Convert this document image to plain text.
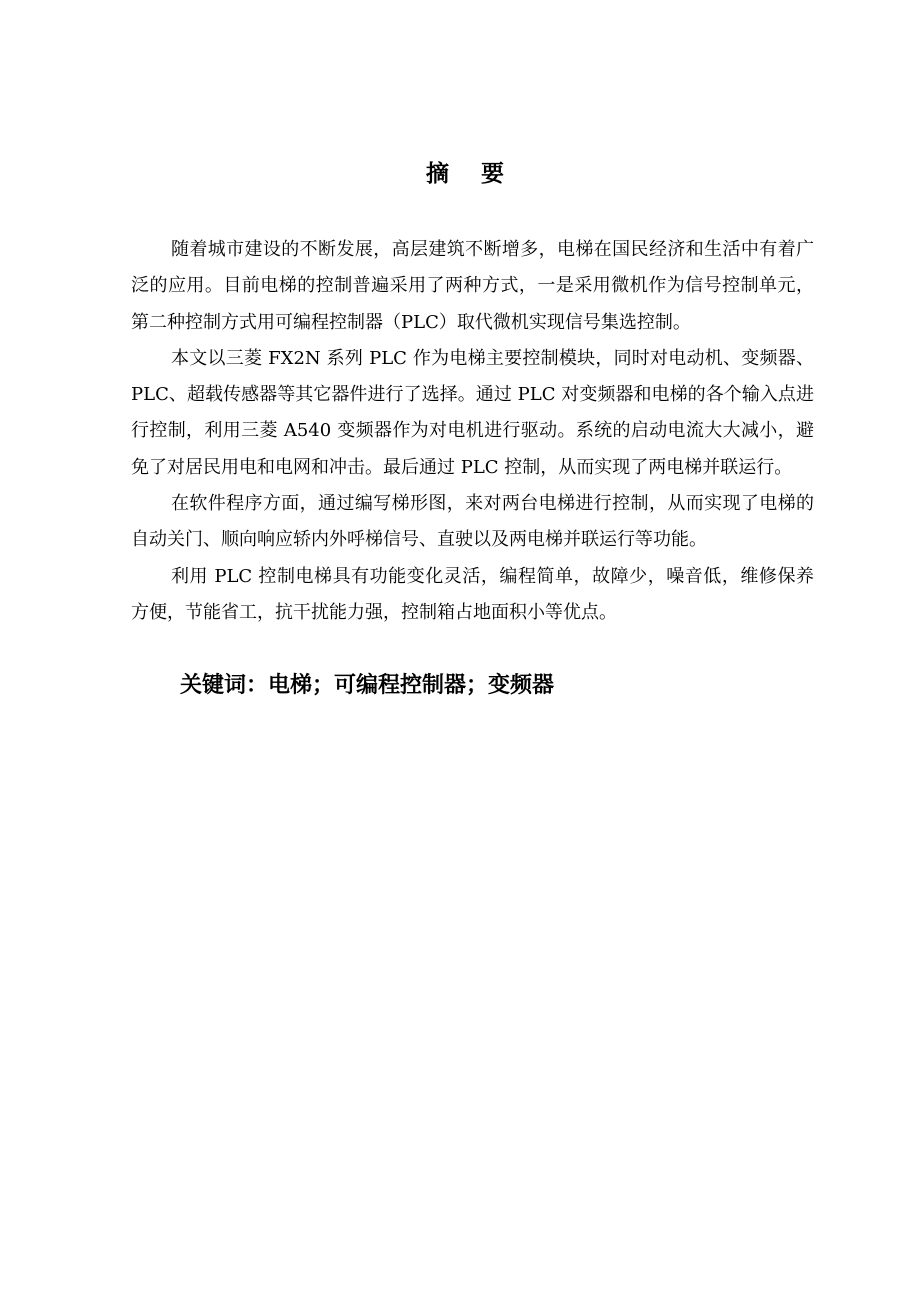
摘 要

随着城市建设的不断发展，高层建筑不断增多，电梯在国民经济和生活中有着广泛的应用。目前电梯的控制普遍采用了两种方式，一是采用微机作为信号控制单元，第二种控制方式用可编程控制器（PLC）取代微机实现信号集选控制。

本文以三菱 FX2N 系列 PLC 作为电梯主要控制模块，同时对电动机、变频器、PLC、超载传感器等其它器件进行了选择。通过 PLC 对变频器和电梯的各个输入点进行控制，利用三菱 A540 变频器作为对电机进行驱动。系统的启动电流大大减小，避免了对居民用电和电网和冲击。最后通过 PLC 控制，从而实现了两电梯并联运行。

在软件程序方面，通过编写梯形图，来对两台电梯进行控制，从而实现了电梯的自动关门、顺向响应轿内外呼梯信号、直驶以及两电梯并联运行等功能。

利用 PLC 控制电梯具有功能变化灵活，编程简单，故障少，噪音低，维修保养方便，节能省工，抗干扰能力强，控制箱占地面积小等优点。

关键词：电梯；可编程控制器；变频器
